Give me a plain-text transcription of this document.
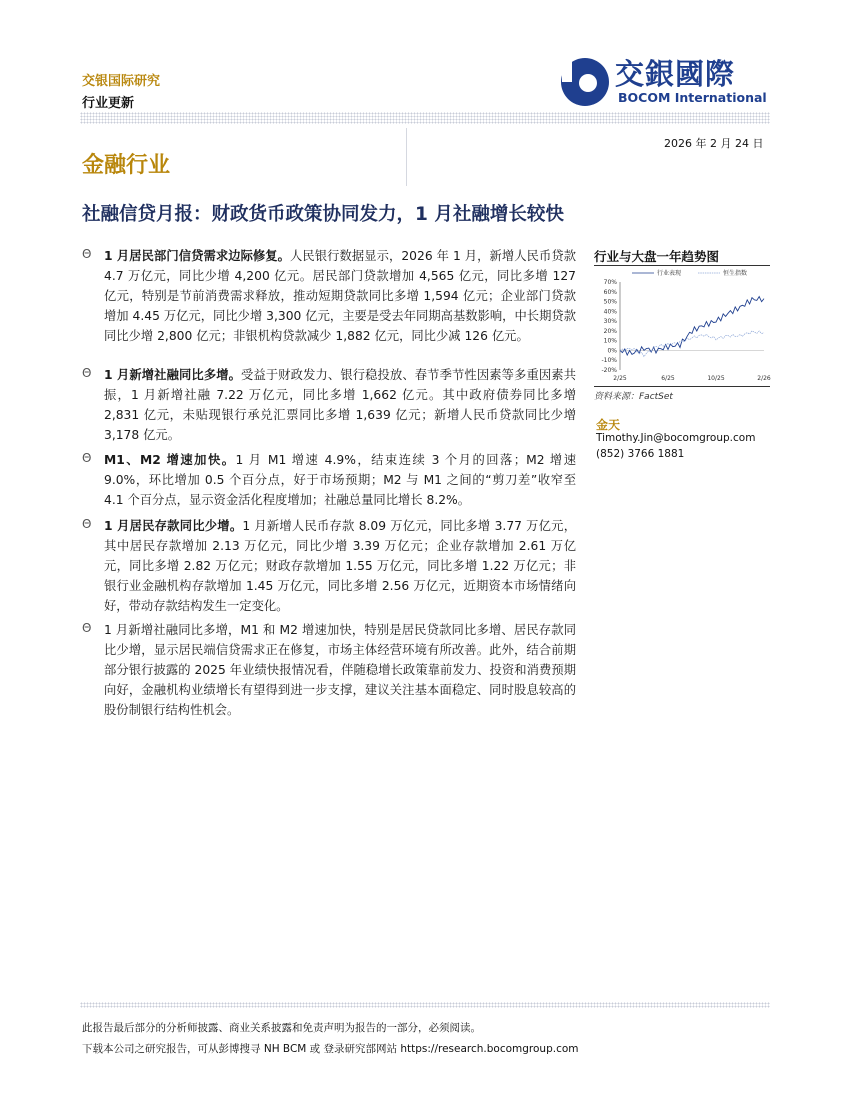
交银国际研究
行业更新
交銀國際
BOCOM International
2026 年 2 月 24 日
金融行业
社融信贷月报：财政货币政策协同发力，1 月社融增长较快
Θ 1 月居民部门信贷需求边际修复。人民银行数据显示，2026 年 1 月，新增人民币贷款 4.7 万亿元，同比少增 4,200 亿元。居民部门贷款增加 4,565 亿元，同比多增 127 亿元，特别是节前消费需求释放，推动短期贷款同比多增 1,594 亿元；企业部门贷款增加 4.45 万亿元，同比少增 3,300 亿元，主要是受去年同期高基数影响，中长期贷款同比少增 2,800 亿元；非银机构贷款减少 1,882 亿元，同比少减 126 亿元。
Θ 1 月新增社融同比多增。受益于财政发力、银行稳投放、春节季节性因素等多重因素共振，1 月新增社融 7.22 万亿元，同比多增 1,662 亿元。其中政府债券同比多增 2,831 亿元，未贴现银行承兑汇票同比多增 1,639 亿元；新增人民币贷款同比少增 3,178 亿元。
Θ M1、M2 增速加快。1 月 M1 增速 4.9%，结束连续 3 个月的回落；M2 增速 9.0%，环比增加 0.5 个百分点，好于市场预期；M2 与 M1 之间的“剪刀差”收窄至 4.1 个百分点，显示资金活化程度增加；社融总量同比增长 8.2%。
Θ 1 月居民存款同比少增。1 月新增人民币存款 8.09 万亿元，同比多增 3.77 万亿元，其中居民存款增加 2.13 万亿元，同比少增 3.39 万亿元；企业存款增加 2.61 万亿元，同比多增 2.82 万亿元；财政存款增加 1.55 万亿元，同比多增 1.22 万亿元；非银行业金融机构存款增加 1.45 万亿元，同比多增 2.56 万亿元，近期资本市场情绪向好，带动存款结构发生一定变化。
Θ 1 月新增社融同比多增，M1 和 M2 增速加快，特别是居民贷款同比多增、居民存款同比少增，显示居民端信贷需求正在修复，市场主体经营环境有所改善。此外，结合前期部分银行披露的 2025 年业绩快报情况看，伴随稳增长政策靠前发力、投资和消费预期向好，金融机构业绩增长有望得到进一步支撑，建议关注基本面稳定、同时股息较高的股份制银行结构性机会。
行业与大盘一年趋势图
70%
60%
50%
40%
30%
20%
10%
0%
-10%
-20%
2/25	6/25	10/25	2/26
行业表现	恒生指数
资料来源：FactSet
金天
Timothy.Jin@bocomgroup.com
(852) 3766 1881
此报告最后部分的分析师披露、商业关系披露和免责声明为报告的一部分，必须阅读。
下载本公司之研究报告，可从彭博搜寻 NH BCM 或 登录研究部网站 https://research.bocomgroup.com
